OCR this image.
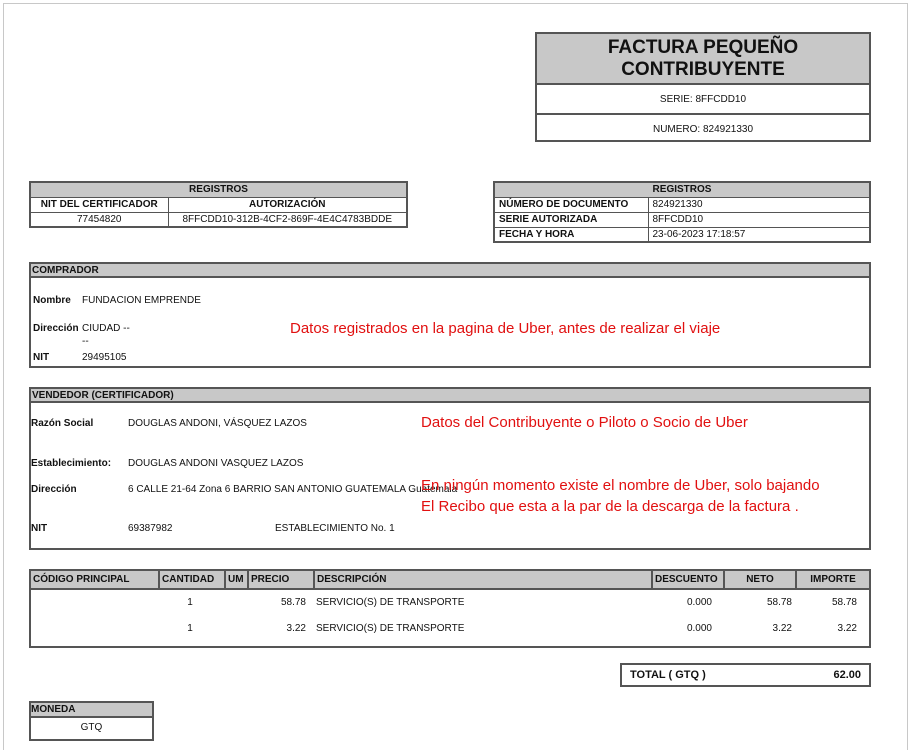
FACTURA PEQUEÑO
CONTRIBUYENTE
SERIE: 8FFCDD10
NUMERO: 824921330
REGISTROS	
NIT DEL CERTIFICADOR	AUTORIZACIÓN
77454820	8FFCDD10-312B-4CF2-869F-4E4C4783BDDE
REGISTROS	
NÚMERO DE DOCUMENTO	824921330
SERIE AUTORIZADA	8FFCDD10
FECHA Y HORA	23-06-2023 17:18:57
COMPRADOR
Nombre FUNDACION EMPRENDE
Dirección CIUDAD --
--
NIT	29495105
Datos registrados en la pagina de Uber, antes de realizar el viaje
VENDEDOR (CERTIFICADOR)
Razón Social	DOUGLAS ANDONI, VÁSQUEZ LAZOS
Establecimiento: DOUGLAS ANDONI VASQUEZ LAZOS
Dirección	6 CALLE 21-64 Zona 6 BARRIO SAN ANTONIO GUATEMALA Guatemala
NIT	69387982	ESTABLECIMIENTO No. 1
Datos del Contribuyente o Piloto o Socio de Uber
En ningún momento existe el nombre de Uber, solo bajando
El Recibo que esta a la par de la descarga de la factura .
CÓDIGO PRINCIPAL	CANTIDAD	UM	PRECIO	DESCRIPCIÓN	DESCUENTO	NETO	IMPORTE
	1		58.78	SERVICIO(S) DE TRANSPORTE	0.000	58.78	58.78
	1		3.22	SERVICIO(S) DE TRANSPORTE	0.000	3.22	3.22
TOTAL ( GTQ )	62.00
MONEDA
GTQ
